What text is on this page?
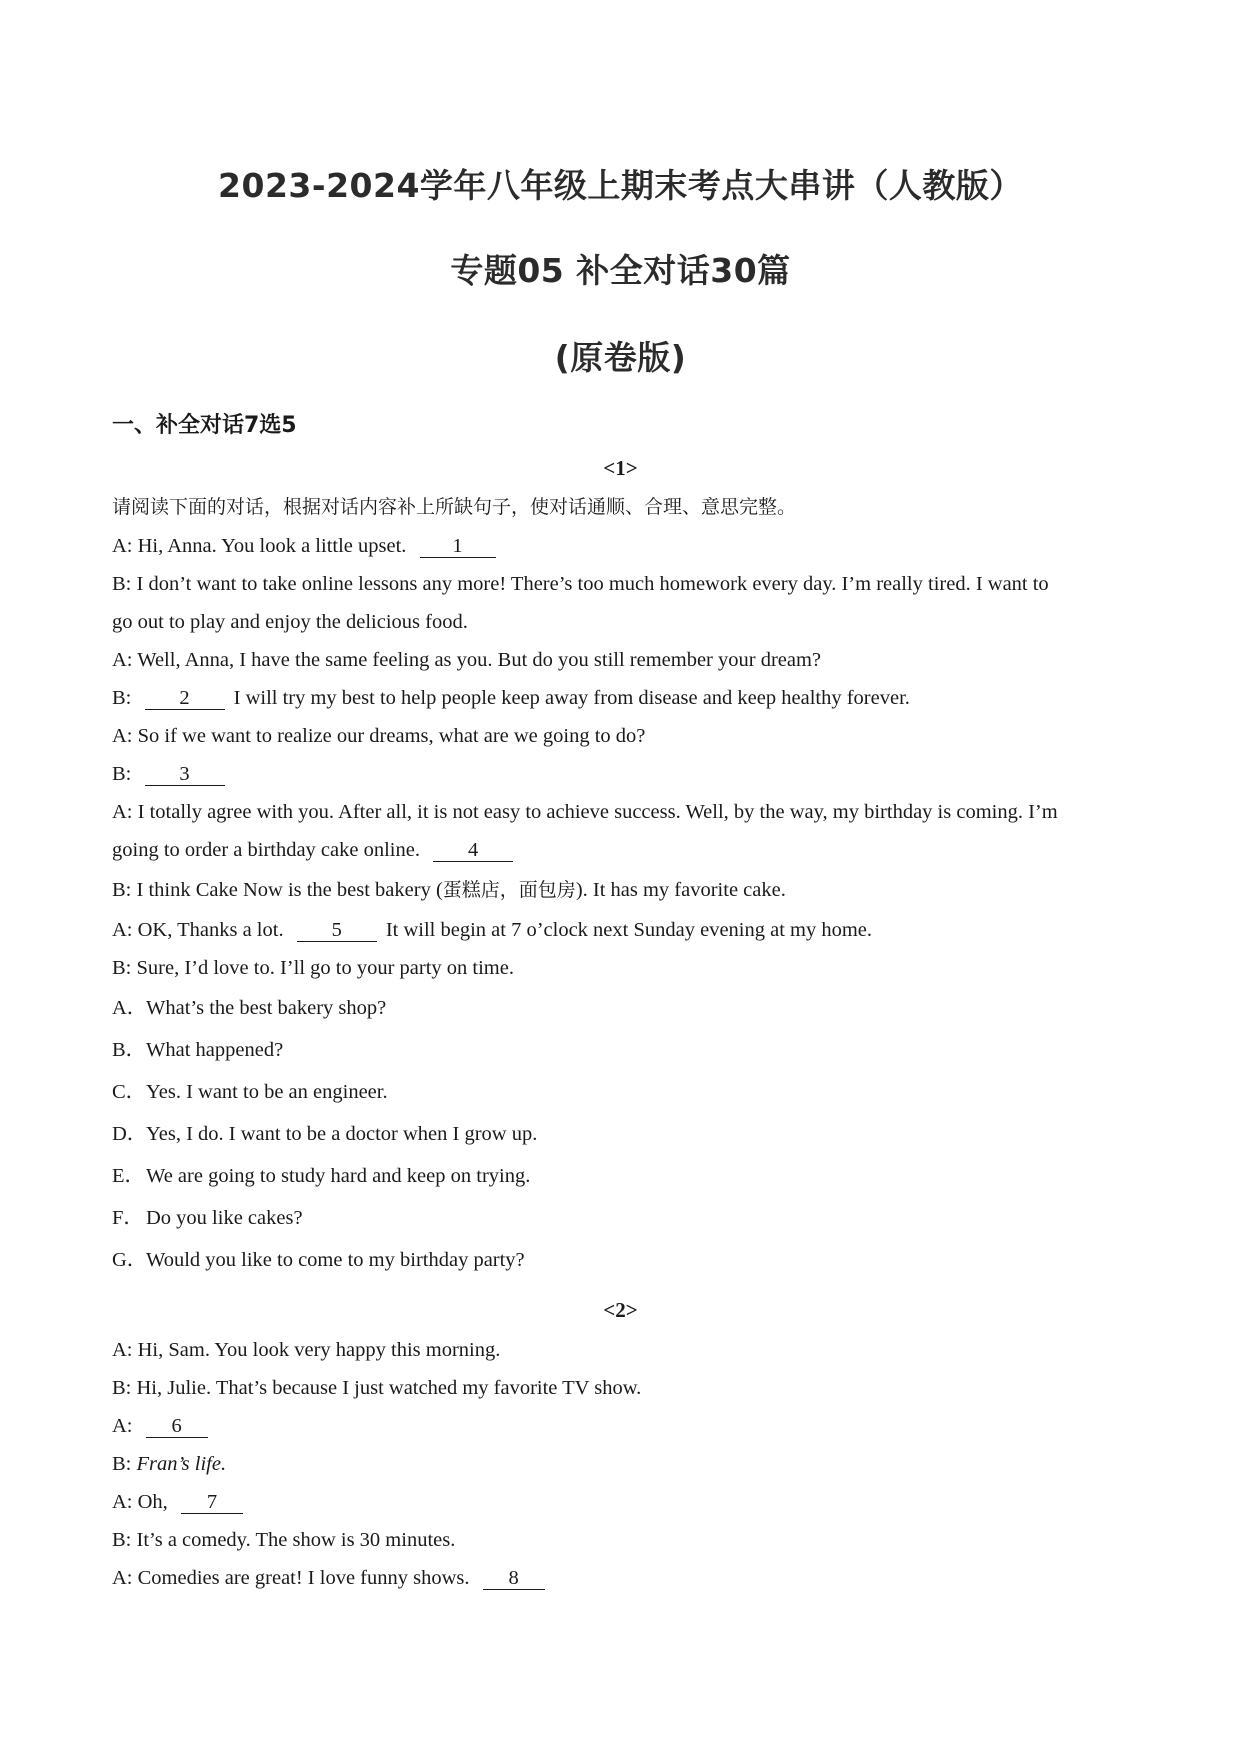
2023-2024学年八年级上期末考点大串讲（人教版）
专题05 补全对话30篇
(原卷版)
一、补全对话7选5
<1>
请阅读下面的对话，根据对话内容补上所缺句子，使对话通顺、合理、意思完整。
A: Hi, Anna. You look a little upset. 1
B: I don’t want to take online lessons any more! There’s too much homework every day. I’m really tired. I want to
go out to play and enjoy the delicious food.
A: Well, Anna, I have the same feeling as you. But do you still remember your dream?
B: 2 I will try my best to help people keep away from disease and keep healthy forever.
A: So if we want to realize our dreams, what are we going to do?
B: 3
A: I totally agree with you. After all, it is not easy to achieve success. Well, by the way, my birthday is coming. I’m
going to order a birthday cake online. 4
B: I think Cake Now is the best bakery (蛋糕店，面包房). It has my favorite cake.
A: OK, Thanks a lot. 5 It will begin at 7 o’clock next Sunday evening at my home.
B: Sure, I’d love to. I’ll go to your party on time.
A．What’s the best bakery shop?
B．What happened?
C．Yes. I want to be an engineer.
D．Yes, I do. I want to be a doctor when I grow up.
E．We are going to study hard and keep on trying.
F． Do you like cakes?
G．Would you like to come to my birthday party?
<2>
A: Hi, Sam. You look very happy this morning.
B: Hi, Julie. That’s because I just watched my favorite TV show.
A: 6
B: Fran’s life.
A: Oh, 7
B: It’s a comedy. The show is 30 minutes.
A: Comedies are great! I love funny shows. 8
